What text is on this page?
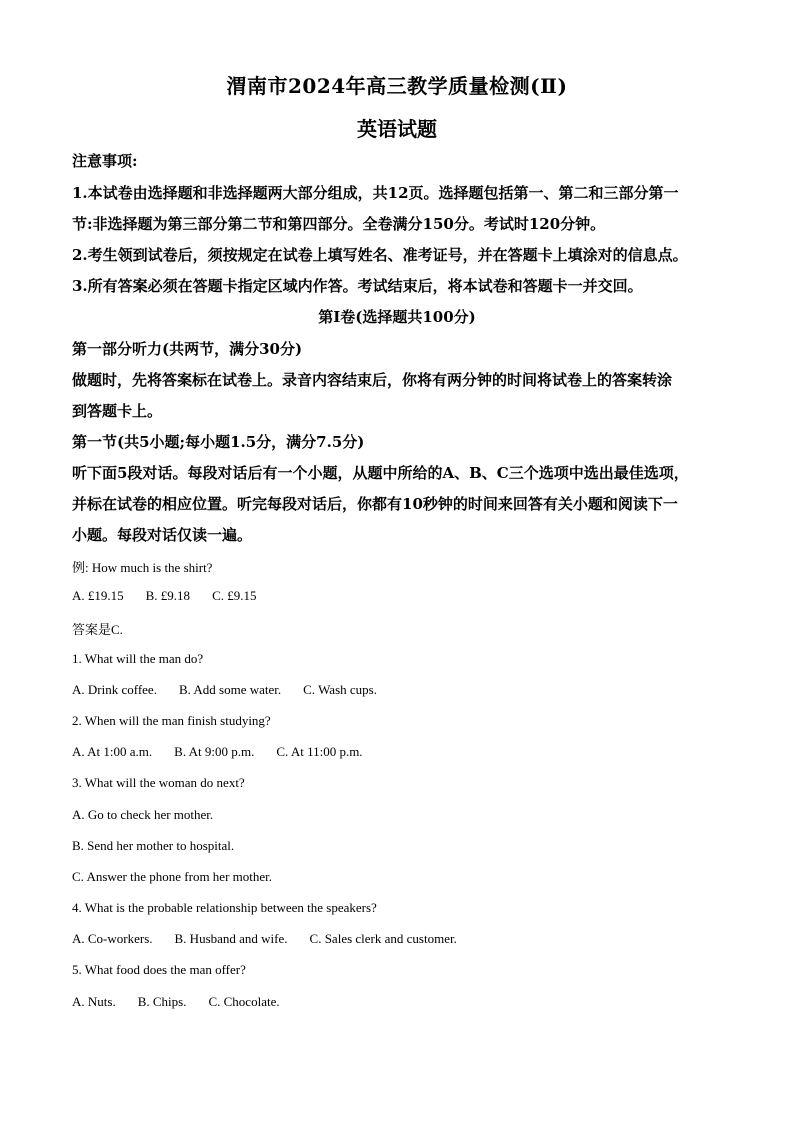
渭南市2024年高三教学质量检测(Ⅱ)
英语试题
注意事项:
1.本试卷由选择题和非选择题两大部分组成，共12页。选择题包括第一、第二和三部分第一
节:非选择题为第三部分第二节和第四部分。全卷满分150分。考试时120分钟。
2.考生领到试卷后，须按规定在试卷上填写姓名、准考证号，并在答题卡上填涂对的信息点。
3.所有答案必须在答题卡指定区域内作答。考试结束后，将本试卷和答题卡一并交回。
第Ⅰ卷(选择题共100分)
第一部分听力(共两节，满分30分)
做题时，先将答案标在试卷上。录音内容结束后，你将有两分钟的时间将试卷上的答案转涂
到答题卡上。
第一节(共5小题;每小题1.5分，满分7.5分)
听下面5段对话。每段对话后有一个小题，从题中所给的A、B、C三个选项中选出最佳选项，
并标在试卷的相应位置。听完每段对话后，你都有10秒钟的时间来回答有关小题和阅读下一
小题。每段对话仅读一遍。
例: How much is the shirt?
A. £19.15 B. £9.18 C. £9.15
答案是C.
1. What will the man do?
A. Drink coffee. B. Add some water. C. Wash cups.
2. When will the man finish studying?
A. At 1:00 a.m. B. At 9:00 p.m. C. At 11:00 p.m.
3. What will the woman do next?
A. Go to check her mother.
B. Send her mother to hospital.
C. Answer the phone from her mother.
4. What is the probable relationship between the speakers?
A. Co-workers. B. Husband and wife. C. Sales clerk and customer.
5. What food does the man offer?
A. Nuts. B. Chips. C. Chocolate.
